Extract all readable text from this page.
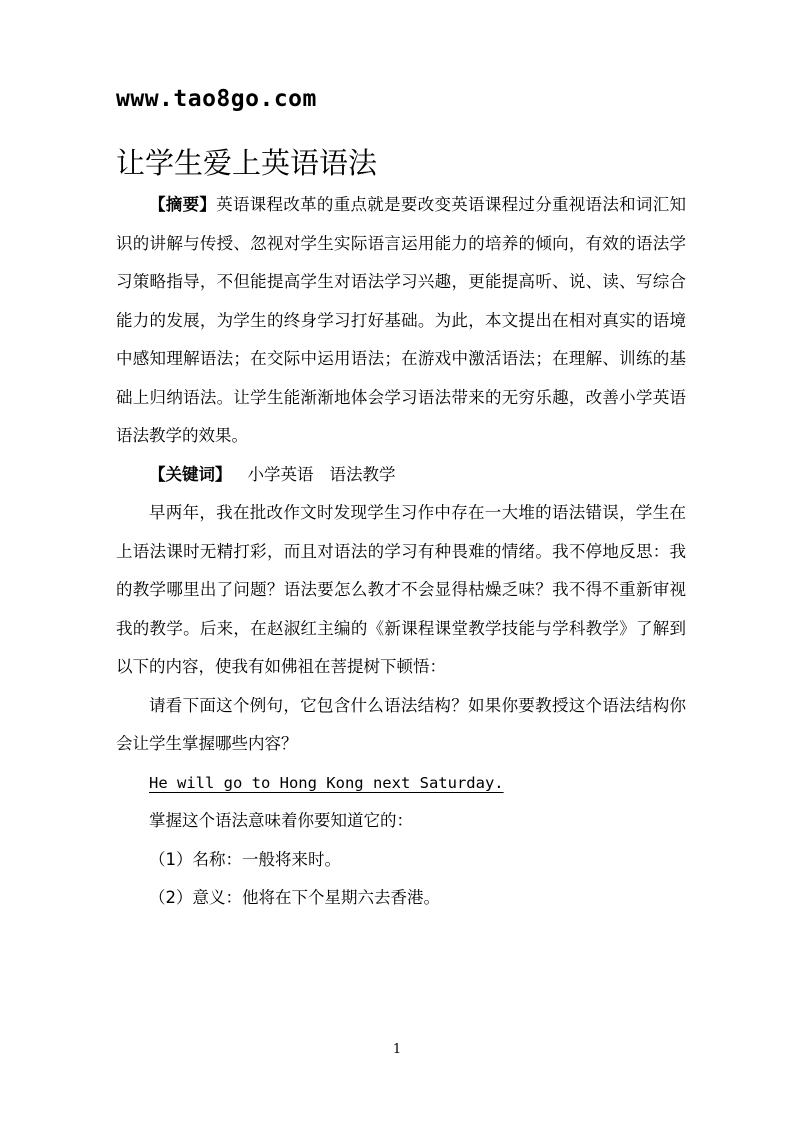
www.tao8go.com
让学生爱上英语语法

【摘要】英语课程改革的重点就是要改变英语课程过分重视语法和词汇知识的讲解与传授、忽视对学生实际语言运用能力的培养的倾向，有效的语法学习策略指导，不但能提高学生对语法学习兴趣，更能提高听、说、读、写综合能力的发展，为学生的终身学习打好基础。为此，本文提出在相对真实的语境中感知理解语法；在交际中运用语法；在游戏中激活语法；在理解、训练的基础上归纳语法。让学生能渐渐地体会学习语法带来的无穷乐趣，改善小学英语语法教学的效果。

【关键词】 小学英语 语法教学

早两年，我在批改作文时发现学生习作中存在一大堆的语法错误，学生在上语法课时无精打彩，而且对语法的学习有种畏难的情绪。我不停地反思：我的教学哪里出了问题？语法要怎么教才不会显得枯燥乏味？我不得不重新审视我的教学。后来，在赵淑红主编的《新课程课堂教学技能与学科教学》了解到以下的内容，使我有如佛祖在菩提树下顿悟：

请看下面这个例句，它包含什么语法结构？如果你要教授这个语法结构你会让学生掌握哪些内容？

He will go to Hong Kong next Saturday.

掌握这个语法意味着你要知道它的：

（1）名称：一般将来时。

（2）意义：他将在下个星期六去香港。

1
